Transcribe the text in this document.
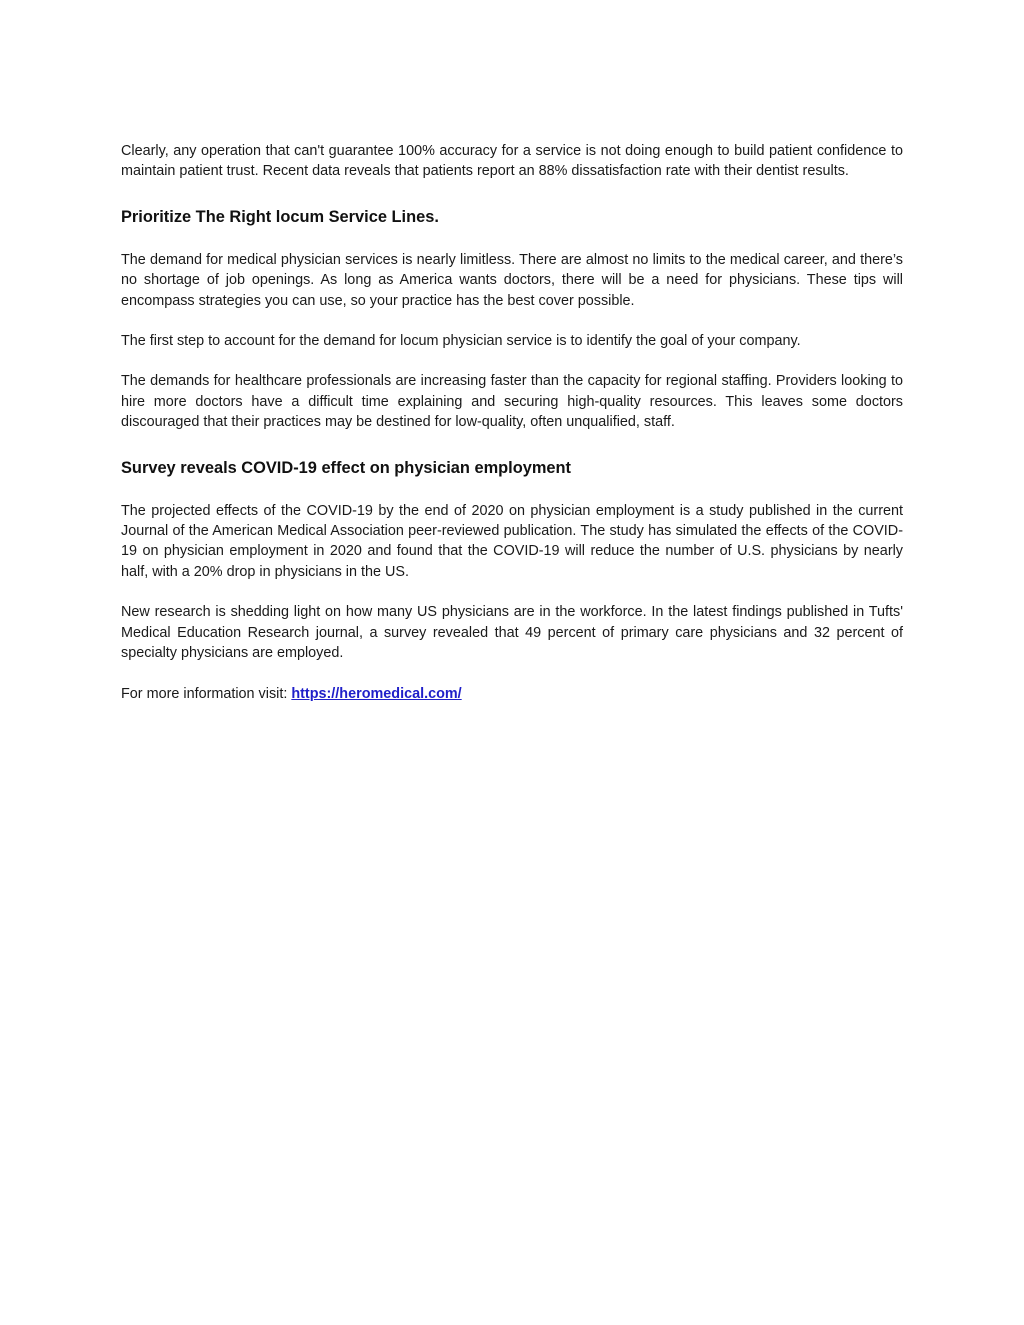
Clearly, any operation that can't guarantee 100% accuracy for a service is not doing enough to build patient confidence to maintain patient trust. Recent data reveals that patients report an 88% dissatisfaction rate with their dentist results.

Prioritize The Right locum Service Lines.

The demand for medical physician services is nearly limitless. There are almost no limits to the medical career, and there’s no shortage of job openings. As long as America wants doctors, there will be a need for physicians. These tips will encompass strategies you can use, so your practice has the best cover possible.

The first step to account for the demand for locum physician service is to identify the goal of your company.

The demands for healthcare professionals are increasing faster than the capacity for regional staffing. Providers looking to hire more doctors have a difficult time explaining and securing high-quality resources. This leaves some doctors discouraged that their practices may be destined for low-quality, often unqualified, staff.

Survey reveals COVID-19 effect on physician employment

The projected effects of the COVID-19 by the end of 2020 on physician employment is a study published in the current Journal of the American Medical Association peer-reviewed publication. The study has simulated the effects of the COVID-19 on physician employment in 2020 and found that the COVID-19 will reduce the number of U.S. physicians by nearly half, with a 20% drop in physicians in the US.

New research is shedding light on how many US physicians are in the workforce. In the latest findings published in Tufts' Medical Education Research journal, a survey revealed that 49 percent of primary care physicians and 32 percent of specialty physicians are employed.

For more information visit: https://heromedical.com/
